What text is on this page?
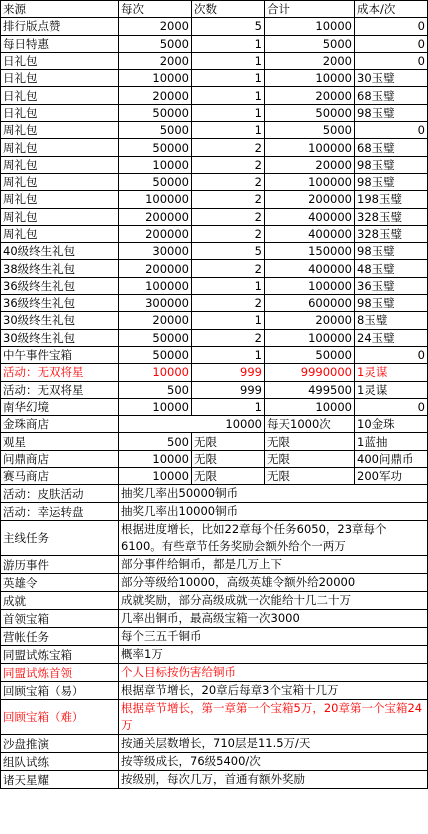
来源	每次	次数	合计	成本/次
排行版点赞	2000	5	10000	0
每日特惠	5000	1	5000	0
日礼包	2000	1	2000	0
日礼包	10000	1	10000	30玉璧
日礼包	20000	1	20000	68玉璧
日礼包	50000	1	50000	98玉璧
周礼包	5000	1	5000	0
周礼包	50000	2	100000	68玉璧
周礼包	10000	2	20000	98玉璧
周礼包	50000	2	100000	98玉璧
周礼包	100000	2	200000	198玉璧
周礼包	200000	2	400000	328玉璧
周礼包	200000	2	400000	328玉璧
40级终生礼包	30000	5	150000	98玉璧
38级终生礼包	200000	2	400000	48玉璧
36级终生礼包	100000	1	100000	36玉璧
36级终生礼包	300000	2	600000	98玉璧
30级终生礼包	20000	1	20000	8玉璧
30级终生礼包	50000	2	100000	24玉璧
中午事件宝箱	50000	1	50000	0
活动：无双将星	10000	999	9990000	1灵谋
活动：无双将星	500	999	499500	1灵谋
南华幻境	10000	1	10000	0
金珠商店	10000		每天1000次	10金珠
观星	500	无限	无限	1蓝抽
问鼎商店	10000	无限	无限	400问鼎币
赛马商店	10000	无限	无限	200军功
活动：皮肤活动	抽奖几率出50000铜币			
活动：幸运转盘	抽奖几率出10000铜币			
主线任务	根据进度增长，比如22章每个任务6050，23章每个6100。有些章节任务奖励会额外给个一两万			
游历事件	部分事件给铜币，都是几万上下			
英雄令	部分等级给10000，高级英雄令额外给20000			
成就	成就奖励，部分高级成就一次能给十几二十万			
首领宝箱	几率出铜币，最高级宝箱一次3000			
营帐任务	每个三五千铜币			
同盟试炼宝箱	概率1万			
同盟试炼首领	个人目标按伤害给铜币			
回顾宝箱（易）	根据章节增长，20章后每章3个宝箱十几万			
回顾宝箱（难）	根据章节增长，第一章第一个宝箱5万，20章第一个宝箱24万			
沙盘推演	按通关层数增长，710层是11.5万/天			
组队试练	按等级成长，76级5400/次			
诸天星耀	按级别，每次几万，首通有额外奖励			
